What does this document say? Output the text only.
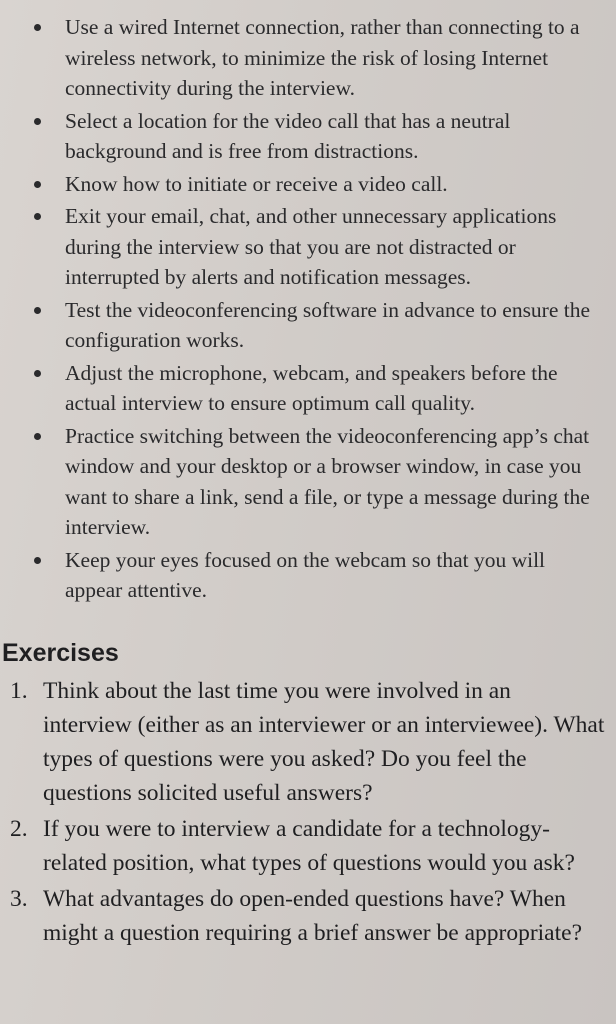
Use a wired Internet connection, rather than connecting to a wireless network, to minimize the risk of losing Internet connectivity during the interview.
Select a location for the video call that has a neutral background and is free from distractions.
Know how to initiate or receive a video call.
Exit your email, chat, and other unnecessary applications during the interview so that you are not distracted or interrupted by alerts and notification messages.
Test the videoconferencing software in advance to ensure the configuration works.
Adjust the microphone, webcam, and speakers before the actual interview to ensure optimum call quality.
Practice switching between the videoconferencing app’s chat window and your desktop or a browser window, in case you want to share a link, send a file, or type a message during the interview.
Keep your eyes focused on the webcam so that you will appear attentive.
Exercises
1. Think about the last time you were involved in an interview (either as an interviewer or an interviewee). What types of questions were you asked? Do you feel the questions solicited useful answers?
2. If you were to interview a candidate for a technology-related position, what types of questions would you ask?
3. What advantages do open-ended questions have? When might a question requiring a brief answer be appropriate?
